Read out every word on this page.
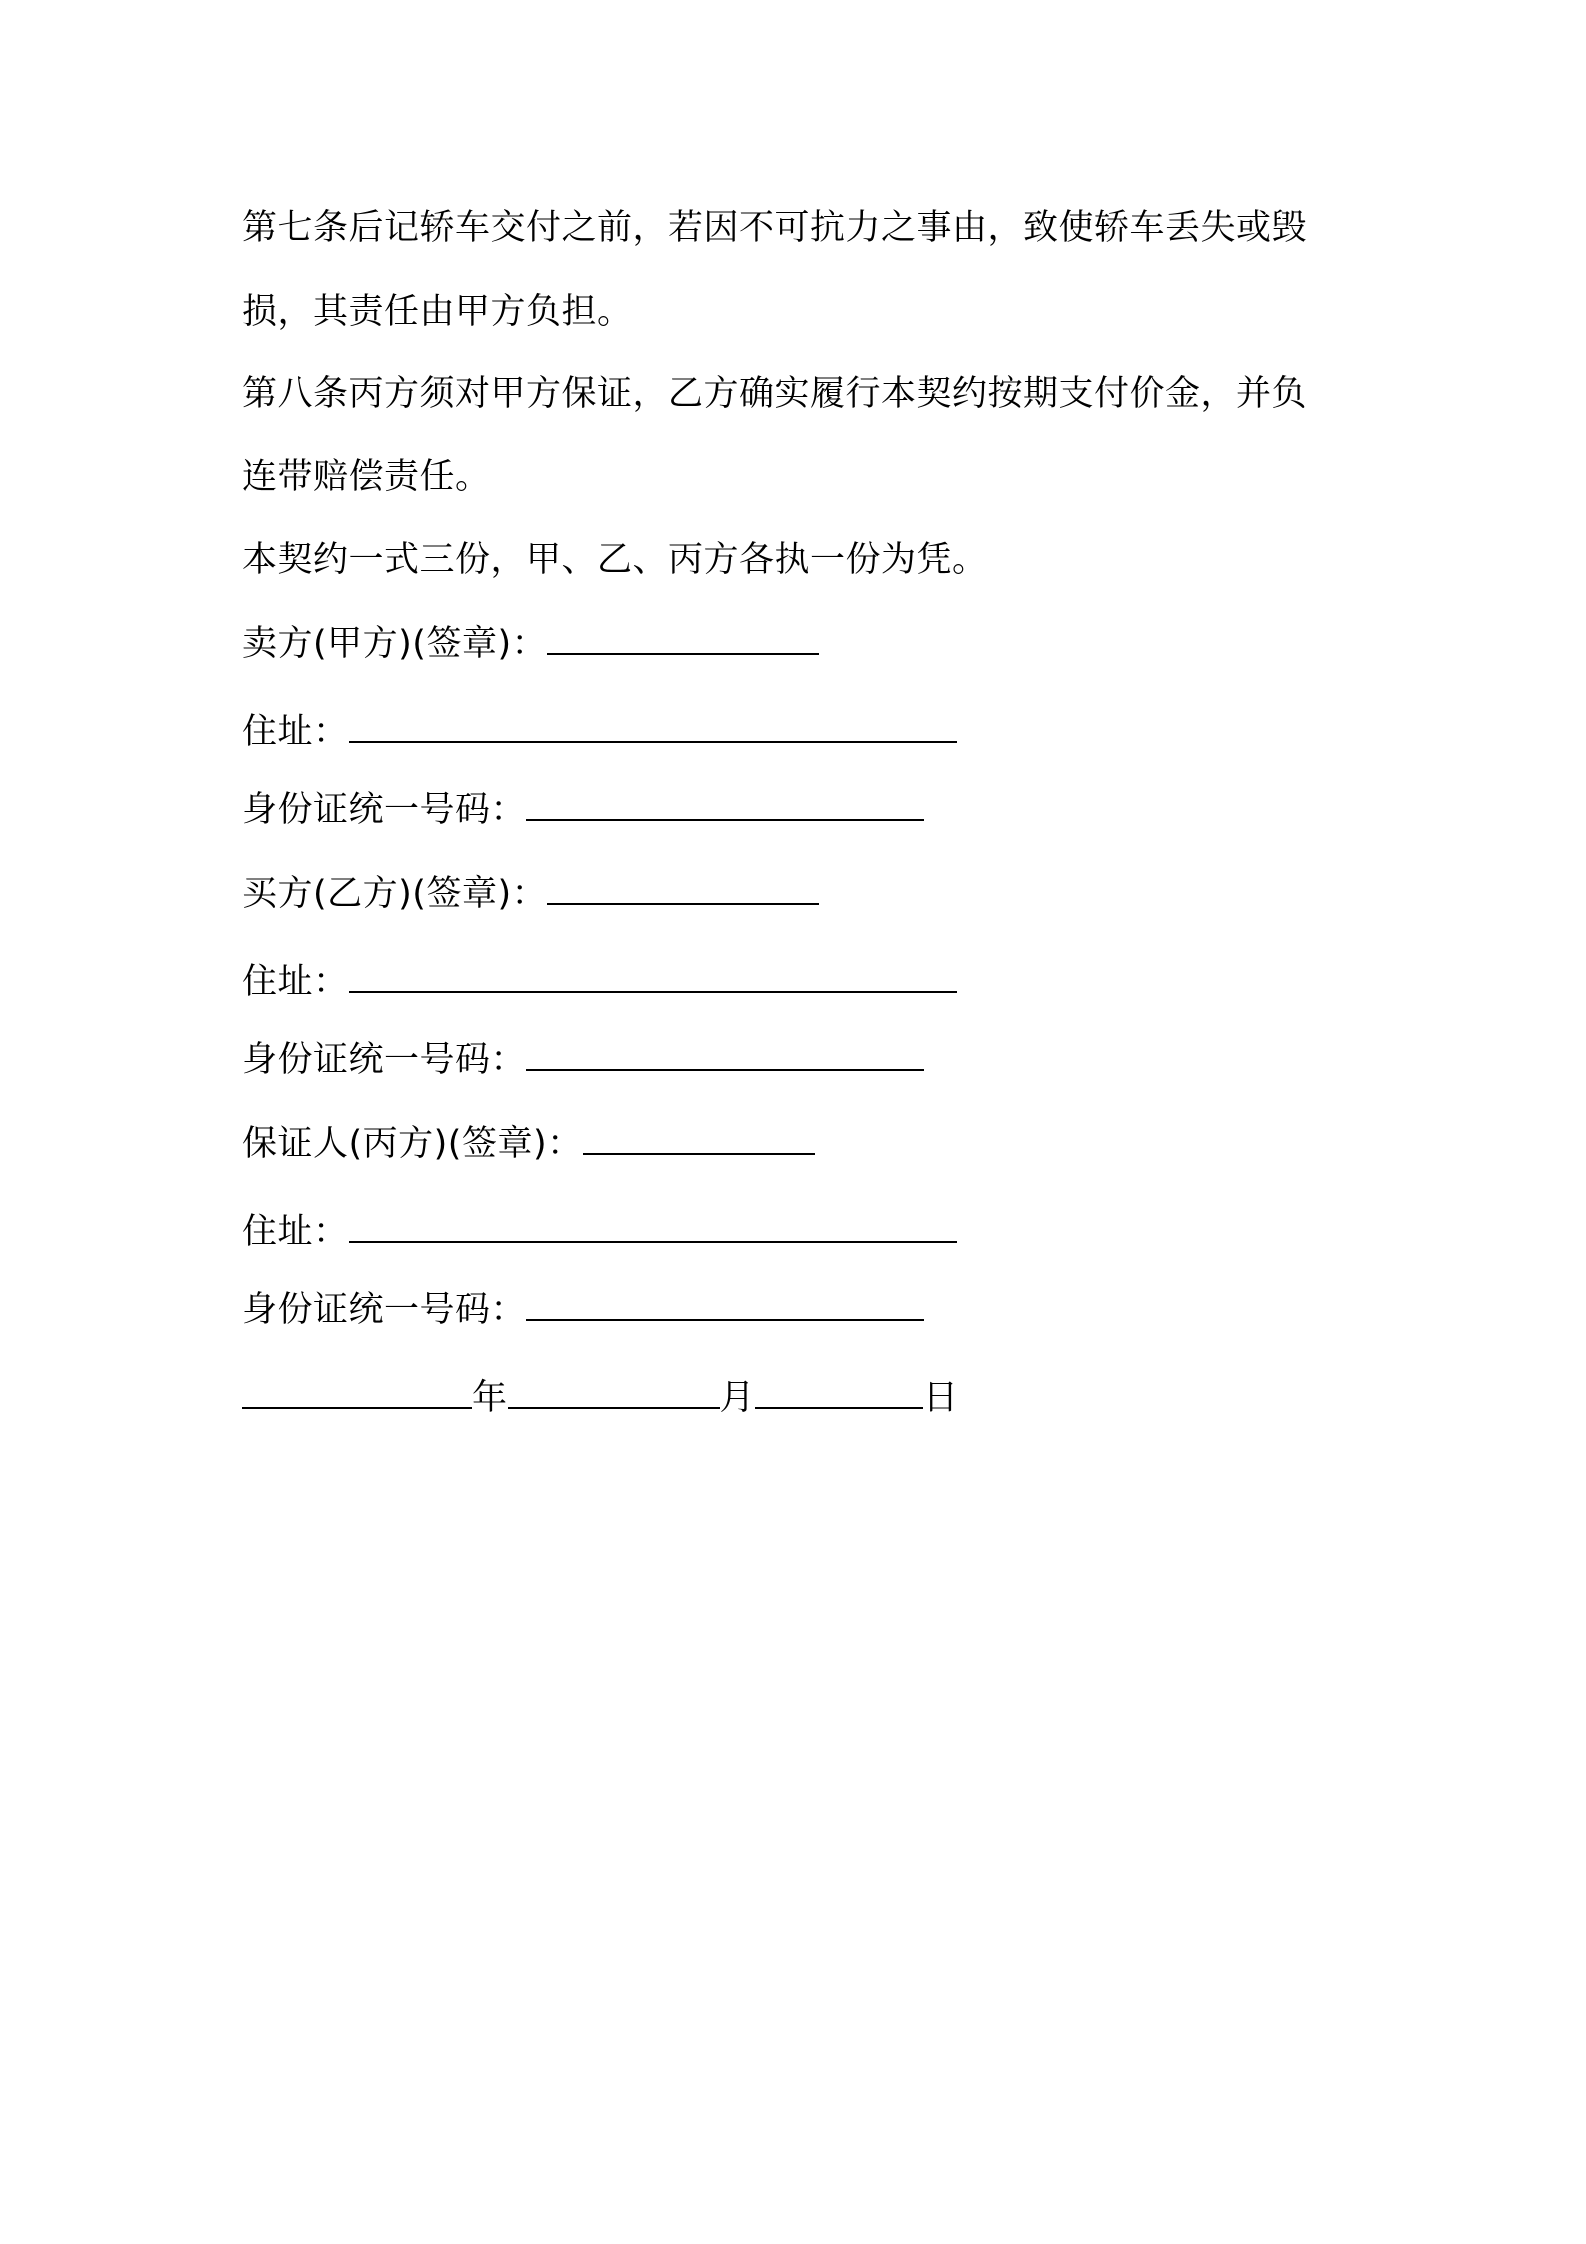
第七条后记轿车交付之前，若因不可抗力之事由，致使轿车丢失或毁
损，其责任由甲方负担。
第八条丙方须对甲方保证，乙方确实履行本契约按期支付价金，并负
连带赔偿责任。
本契约一式三份，甲、乙、丙方各执一份为凭。
卖方(甲方)(签章)：
住址：
身份证统一号码：
买方(乙方)(签章)：
住址：
身份证统一号码：
保证人(丙方)(签章)：
住址：
身份证统一号码：
年	月	日
